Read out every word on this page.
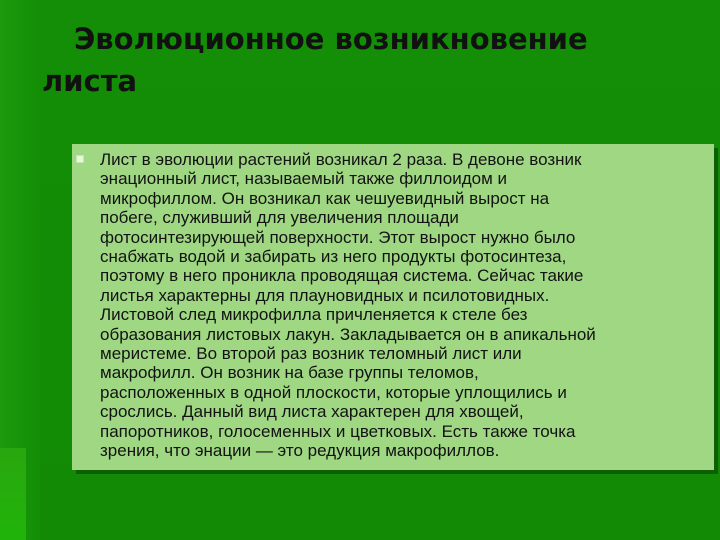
Эволюционное возникновение листа

Лист в эволюции растений возникал 2 раза. В девоне возник
энационный лист, называемый также филлоидом и
микрофиллом. Он возникал как чешуевидный вырост на
побеге, служивший для увеличения площади
фотосинтезирующей поверхности. Этот вырост нужно было
снабжать водой и забирать из него продукты фотосинтеза,
поэтому в него проникла проводящая система. Сейчас такие
листья характерны для плауновидных и псилотовидных.
Листовой след микрофилла причленяется к стеле без
образования листовых лакун. Закладывается он в апикальной
меристеме. Во второй раз возник теломный лист или
макрофилл. Он возник на базе группы теломов,
расположенных в одной плоскости, которые уплощились и
срослись. Данный вид листа характерен для хвощей,
папоротников, голосеменных и цветковых. Есть также точка
зрения, что энации — это редукция макрофиллов.
